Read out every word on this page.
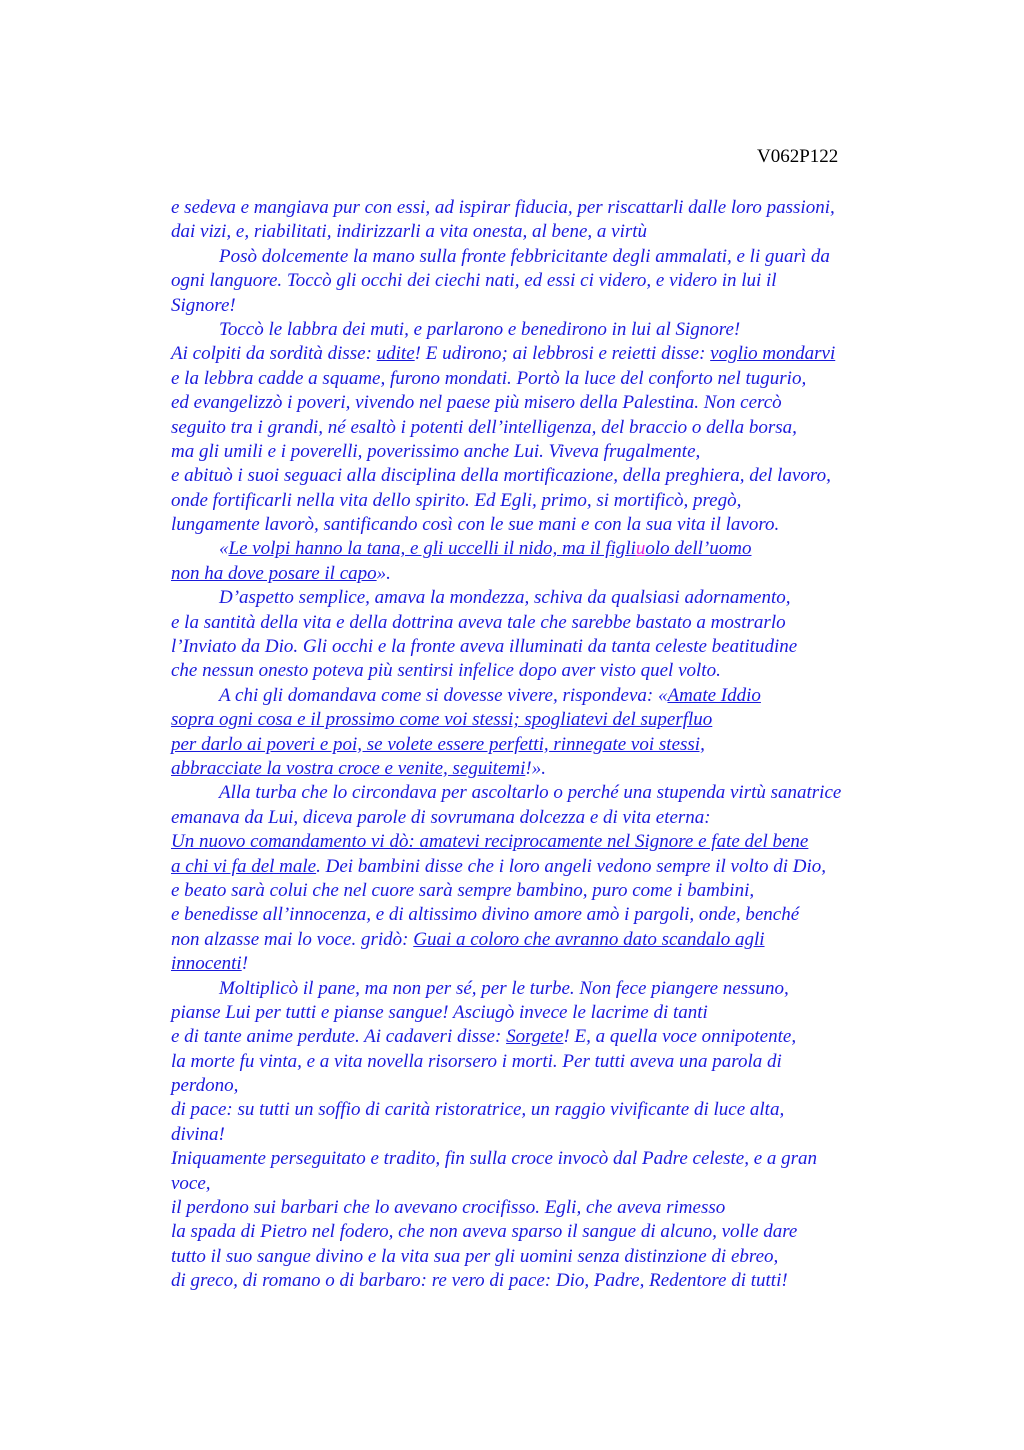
V062P122
e sedeva e mangiava pur con essi, ad ispirar fiducia, per riscattarli dalle loro passioni,
dai vizi, e, riabilitati, indirizzarli a vita onesta, al bene, a virtù
Posò dolcemente la mano sulla fronte febbricitante degli ammalati, e li guarì da
ogni languore. Toccò gli occhi dei ciechi nati, ed essi ci videro, e videro in lui il
Signore!
Toccò le labbra dei muti, e parlarono e benedirono in lui al Signore!
Ai colpiti da sordità disse: udite! E udirono; ai lebbrosi e reietti disse: voglio mondarvi
e la lebbra cadde a squame, furono mondati. Portò la luce del conforto nel tugurio,
ed evangelizzò i poveri, vivendo nel paese più misero della Palestina. Non cercò
seguito tra i grandi, né esaltò i potenti dell’intelligenza, del braccio o della borsa,
ma gli umili e i poverelli, poverissimo anche Lui. Viveva frugalmente,
e abituò i suoi seguaci alla disciplina della mortificazione, della preghiera, del lavoro,
onde fortificarli nella vita dello spirito. Ed Egli, primo, si mortificò, pregò,
lungamente lavorò, santificando così con le sue mani e con la sua vita il lavoro.
«Le volpi hanno la tana, e gli uccelli il nido, ma il figliuolo dell’uomo
non ha dove posare il capo».
D’aspetto semplice, amava la mondezza, schiva da qualsiasi adornamento,
e la santità della vita e della dottrina aveva tale che sarebbe bastato a mostrarlo
l’Inviato da Dio. Gli occhi e la fronte aveva illuminati da tanta celeste beatitudine
che nessun onesto poteva più sentirsi infelice dopo aver visto quel volto.
A chi gli domandava come si dovesse vivere, rispondeva: «Amate Iddio
sopra ogni cosa e il prossimo come voi stessi; spogliatevi del superfluo
per darlo ai poveri e poi, se volete essere perfetti, rinnegate voi stessi,
abbracciate la vostra croce e venite, seguitemi!».
Alla turba che lo circondava per ascoltarlo o perché una stupenda virtù sanatrice
emanava da Lui, diceva parole di sovrumana dolcezza e di vita eterna:
Un nuovo comandamento vi dò: amatevi reciprocamente nel Signore e fate del bene
a chi vi fa del male. Dei bambini disse che i loro angeli vedono sempre il volto di Dio,
e beato sarà colui che nel cuore sarà sempre bambino, puro come i bambini,
e benedisse all’innocenza, e di altissimo divino amore amò i pargoli, onde, benché
non alzasse mai lo voce. gridò: Guai a coloro che avranno dato scandalo agli
innocenti!
Moltiplicò il pane, ma non per sé, per le turbe. Non fece piangere nessuno,
pianse Lui per tutti e pianse sangue! Asciugò invece le lacrime di tanti
e di tante anime perdute. Ai cadaveri disse: Sorgete! E, a quella voce onnipotente,
la morte fu vinta, e a vita novella risorsero i morti. Per tutti aveva una parola di
perdono,
di pace: su tutti un soffio di carità ristoratrice, un raggio vivificante di luce alta,
divina!
Iniquamente perseguitato e tradito, fin sulla croce invocò dal Padre celeste, e a gran
voce,
il perdono sui barbari che lo avevano crocifisso. Egli, che aveva rimesso
la spada di Pietro nel fodero, che non aveva sparso il sangue di alcuno, volle dare
tutto il suo sangue divino e la vita sua per gli uomini senza distinzione di ebreo,
di greco, di romano o di barbaro: re vero di pace: Dio, Padre, Redentore di tutti!
